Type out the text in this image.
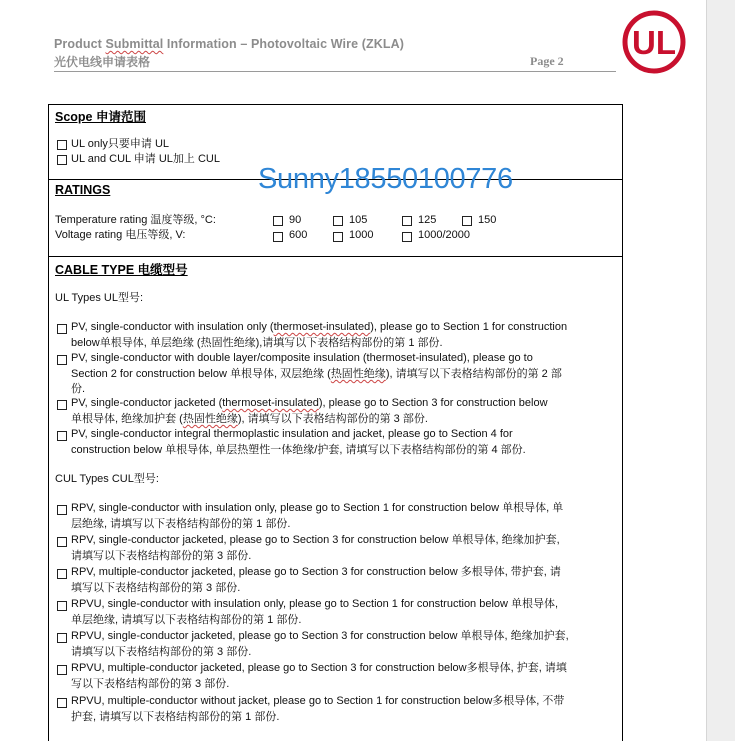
Product Submittal Information – Photovoltaic Wire (ZKLA)
光伏电线申请表格	Page 2 UL
Scope 申请范围
UL only只要申请 UL
UL and CUL 申请 UL加上 CUL
RATINGS
Temperature rating 温度等级, °C:	90	105	125	150
Voltage rating 电压等级, V:	600	1000	1000/2000
CABLE TYPE 电缆型号
UL Types UL型号:
PV, single-conductor with insulation only (thermoset-insulated), please go to Section 1 for construction
below单根导体, 单层绝缘 (热固性绝缘),请填写以下表格结构部份的第 1 部份.
PV, single-conductor with double layer/composite insulation (thermoset-insulated), please go to
Section 2 for construction below 单根导体, 双层绝缘 (热固性绝缘), 请填写以下表格结构部份的第 2 部
份.
PV, single-conductor jacketed (thermoset-insulated), please go to Section 3 for construction below
单根导体, 绝缘加护套 (热固性绝缘), 请填写以下表格结构部份的第 3 部份.
PV, single-conductor integral thermoplastic insulation and jacket, please go to Section 4 for
construction below 单根导体, 单层热塑性一体绝缘/护套, 请填写以下表格结构部份的第 4 部份.
CUL Types CUL型号:
RPV, single-conductor with insulation only, please go to Section 1 for construction below 单根导体, 单
层绝缘, 请填写以下表格结构部份的第 1 部份.
RPV, single-conductor jacketed, please go to Section 3 for construction below 单根导体, 绝缘加护套,
请填写以下表格结构部份的第 3 部份.
RPV, multiple-conductor jacketed, please go to Section 3 for construction below 多根导体, 带护套, 请
填写以下表格结构部份的第 3 部份.
RPVU, single-conductor with insulation only, please go to Section 1 for construction below 单根导体,
单层绝缘, 请填写以下表格结构部份的第 1 部份.
RPVU, single-conductor jacketed, please go to Section 3 for construction below 单根导体, 绝缘加护套,
请填写以下表格结构部份的第 3 部份.
RPVU, multiple-conductor jacketed, please go to Section 3 for construction below多根导体, 护套, 请填
写以下表格结构部份的第 3 部份.
RPVU, multiple-conductor without jacket, please go to Section 1 for construction below多根导体, 不带
护套, 请填写以下表格结构部份的第 1 部份.
Sunny18550100776
